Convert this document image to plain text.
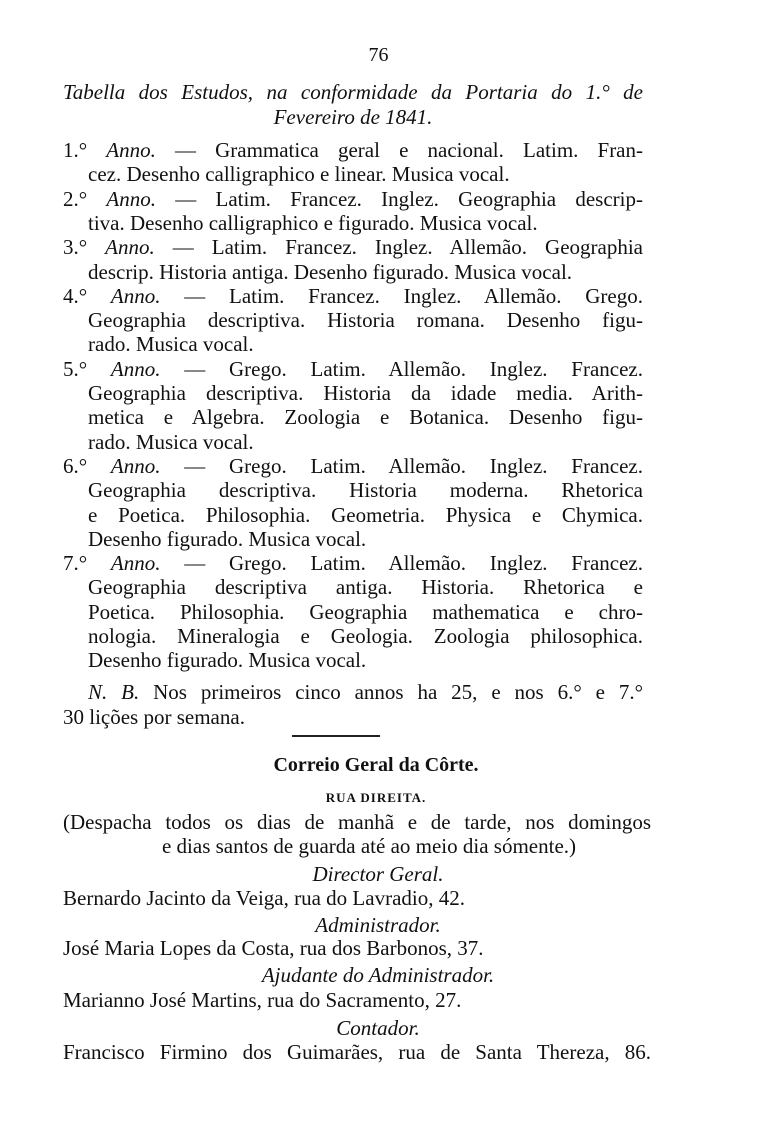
76
Tabella dos Estudos, na conformidade da Portaria do 1.° de
Fevereiro de 1841.
1.° Anno. — Grammatica geral e nacional. Latim. Fran-
cez. Desenho calligraphico e linear. Musica vocal.
2.° Anno. — Latim. Francez. Inglez. Geographia descrip-
tiva. Desenho calligraphico e figurado. Musica vocal.
3.° Anno. — Latim. Francez. Inglez. Allemão. Geographia
descrip. Historia antiga. Desenho figurado. Musica vocal.
4.° Anno. — Latim. Francez. Inglez. Allemão. Grego.
Geographia descriptiva. Historia romana. Desenho figu-
rado. Musica vocal.
5.° Anno. — Grego. Latim. Allemão. Inglez. Francez.
Geographia descriptiva. Historia da idade media. Arith-
metica e Algebra. Zoologia e Botanica. Desenho figu-
rado. Musica vocal.
6.° Anno. — Grego. Latim. Allemão. Inglez. Francez.
Geographia descriptiva. Historia moderna. Rhetorica
e Poetica. Philosophia. Geometria. Physica e Chymica.
Desenho figurado. Musica vocal.
7.° Anno. — Grego. Latim. Allemão. Inglez. Francez.
Geographia descriptiva antiga. Historia. Rhetorica e
Poetica. Philosophia. Geographia mathematica e chro-
nologia. Mineralogia e Geologia. Zoologia philosophica.
Desenho figurado. Musica vocal.
N. B. Nos primeiros cinco annos ha 25, e nos 6.° e 7.°
30 lições por semana.
Correio Geral da Côrte.
RUA DIREITA.
(Despacha todos os dias de manhã e de tarde, nos domingos
e dias santos de guarda até ao meio dia sómente.)
Director Geral.
Bernardo Jacinto da Veiga, rua do Lavradio, 42.
Administrador.
José Maria Lopes da Costa, rua dos Barbonos, 37.
Ajudante do Administrador.
Marianno José Martins, rua do Sacramento, 27.
Contador.
Francisco Firmino dos Guimarães, rua de Santa Thereza, 86.
